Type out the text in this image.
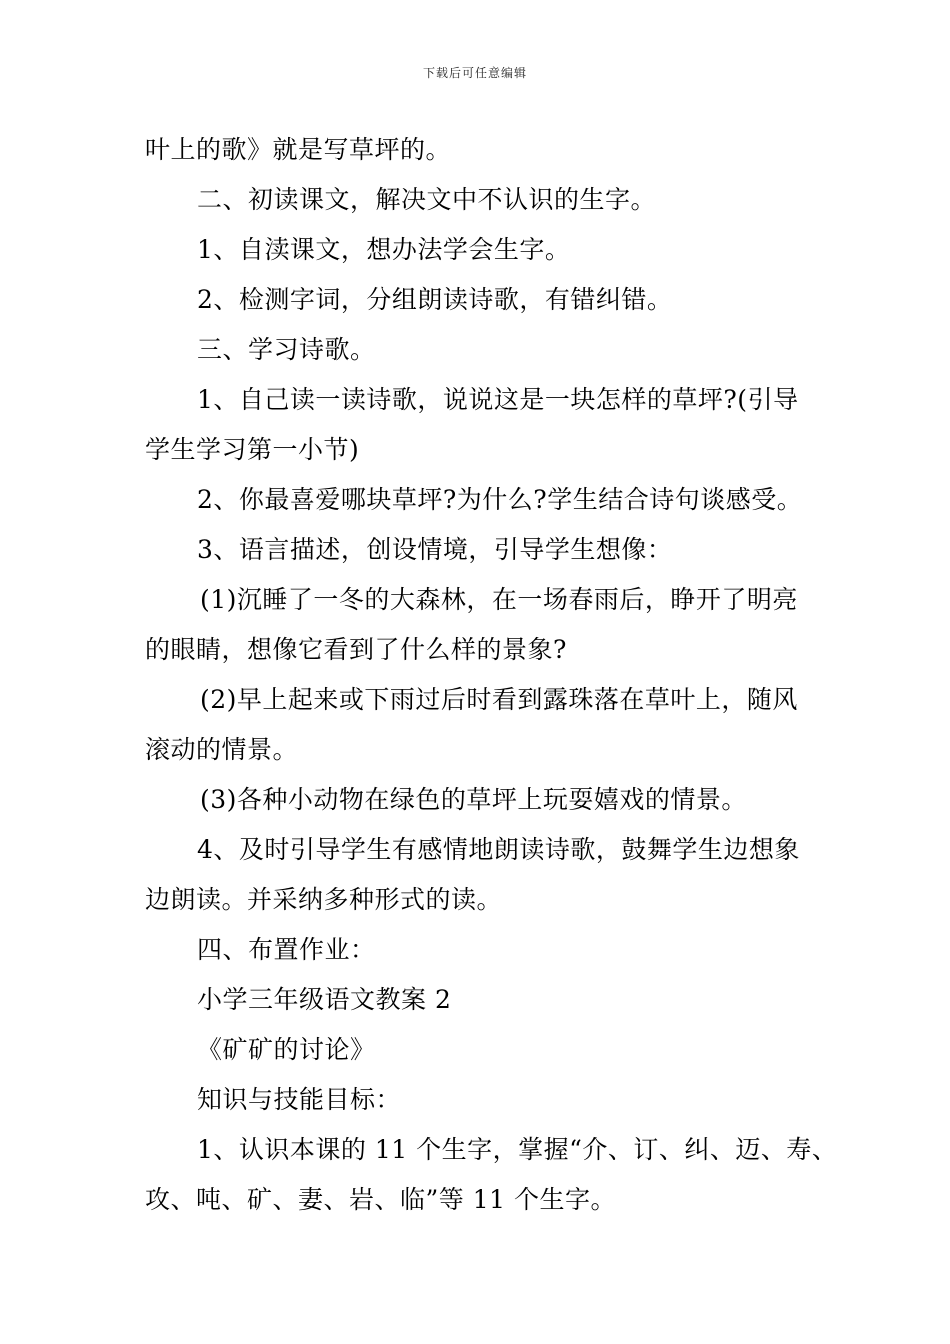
下载后可任意编辑
叶上的歌》就是写草坪的。
二、初读课文，解决文中不认识的生字。
1、自渎课文，想办法学会生字。
2、检测字词，分组朗读诗歌，有错纠错。
三、学习诗歌。
1、自己读一读诗歌，说说这是一块怎样的草坪?(引导
学生学习第一小节)
2、你最喜爱哪块草坪?为什么?学生结合诗句谈感受。
3、语言描述，创设情境，引导学生想像：
(1)沉睡了一冬的大森林，在一场春雨后，睁开了明亮
的眼睛，想像它看到了什么样的景象?
(2)早上起来或下雨过后时看到露珠落在草叶上，随风
滚动的情景。
(3)各种小动物在绿色的草坪上玩耍嬉戏的情景。
4、及时引导学生有感情地朗读诗歌，鼓舞学生边想象
边朗读。并采纳多种形式的读。
四、布置作业：
小学三年级语文教案 2
《矿矿的讨论》
知识与技能目标：
1、认识本课的 11 个生字，掌握“介、订、纠、迈、寿、
攻、吨、矿、妻、岩、临”等 11 个生字。
